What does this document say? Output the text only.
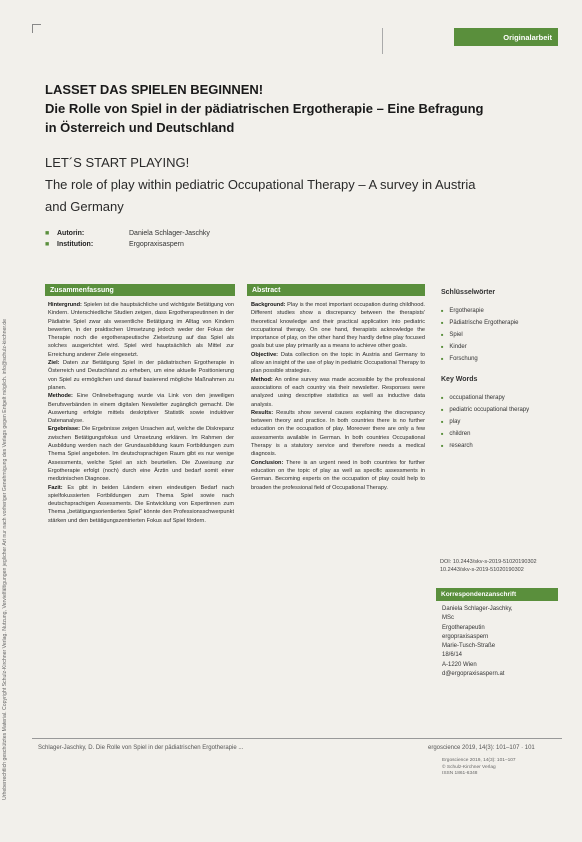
Urheberrechtlich geschütztes Material. Copyright Schulz-Kirchner Verlag. Nutzung, Vervielfältigungen jeglicher Art nur nach vorheriger Genehmigung des Verlags gegen Entgelt möglich. info@schulz-kirchner.de
Originalarbeit
LASSET DAS SPIELEN BEGINNEN!
Die Rolle von Spiel in der pädiatrischen Ergotherapie – Eine Befragung
in Österreich und Deutschland
LET´S START PLAYING!
The role of play within pediatric Occupational Therapy – A survey in Austria
and Germany
■	Autorin:	Daniela Schlager-Jaschky
■	Institution:	Ergopraxisaspern
Zusammenfassung

Hintergrund: Spielen ist die hauptsächliche und wichtigste Betätigung von Kindern. Unterschiedliche Studien zeigen, dass Ergotherapeutinnen in der Pädiatrie Spiel zwar als wesentliche Betätigung im Alltag von Kindern bewerten, in der praktischen Umsetzung jedoch weder der Fokus der Therapie noch die ergotherapeutische Zielsetzung auf das Spiel als solches ausgerichtet wird. Spiel wird hauptsächlich als Mittel zur Erreichung anderer Ziele eingesetzt.

Ziel: Daten zur Betätigung Spiel in der pädiatrischen Ergotherapie in Österreich und Deutschland zu erheben, um eine aktuelle Positionierung von Spiel zu ermöglichen und darauf basierend mögliche Maßnahmen zu planen.

Methode: Eine Onlinebefragung wurde via Link von den jeweiligen Berufsverbänden in einem digitalen Newsletter zugänglich gemacht. Die Auswertung erfolgte mittels deskriptiver Statistik sowie induktiver Datenanalyse.

Ergebnisse: Die Ergebnisse zeigen Ursachen auf, welche die Diskrepanz zwischen Betätigungsfokus und Umsetzung erklären. Im Rahmen der Ausbildung werden nach der Grundausbildung kaum Fortbildungen zum Thema Spiel angeboten. Im deutschsprachigen Raum gibt es nur wenige Assessments, welche Spiel an sich beurteilen. Die Zuweisung zur Ergotherapie erfolgt (noch) durch eine Ärztin und bedarf somit einer medizinischen Diagnose.

Fazit: Es gibt in beiden Ländern einen eindeutigen Bedarf nach spielfokussierten Fortbildungen zum Thema Spiel sowie nach deutschsprachigen Assessments. Die Entwicklung von Expertinnen zum Thema „betätigungsorientiertes Spiel“ könnte den Professionsschwerpunkt stärken und den betätigungszentrierten Fokus auf Spiel fördern.

Abstract

Background: Play is the most important occupation during childhood. Different studies show a discrepancy between the therapists' theoretical knowledge and their practical application into pediatric occupational therapy. On one hand, therapists acknowledge the importance of play, on the other hand they hardly define play focused goals but use play primarily as a means to achieve other goals.

Objective: Data collection on the topic in Austria and Germany to allow an insight of the use of play in pediatric Occupational Therapy to plan possible strategies.

Method: An online survey was made accessible by the professional associations of each country via their newsletter. Responses were analyzed using descriptive statistics as well as inductive data analysis.

Results: Results show several causes explaining the discrepancy between theory and practice. In both countries there is no further education on the occupation of play. Moreover there are only a few assessments available in German. In both countries Occupational Therapy is a statutory service and therefore needs a medical diagnosis.

Conclusion: There is an urgent need in both countries for further education on the topic of play as well as specific assessments in German. Becoming experts on the occupation of play could help to broaden the professional field of Occupational Therapy.

Schlüsselwörter
■ Ergotherapie
■ Pädiatrische Ergotherapie
■ Spiel
■ Kinder
■ Forschung
Key Words
■ occupational therapy
■ pediatric occupational therapy
■ play
■ children
■ research
DOI: 10.2443/skv-s-2019-51020190302
10.2443/skv-s-2019-51020190302
Korrespondenzanschrift
Daniela Schlager-Jaschky,
MSc
Ergotherapeutin
ergopraxisaspern
Marie-Tusch-Straße
18/6/14
A-1220 Wien
d@ergopraxisaspern.at
Ergoscience 2019, 14(3): 101–107
© Schulz-Kirchner Verlag
ISSN 1861-6348
Schlager-Jaschky, D. Die Rolle von Spiel in der pädiatrischen Ergotherapie ...	ergoscience 2019, 14(3): 101–107 · 101
